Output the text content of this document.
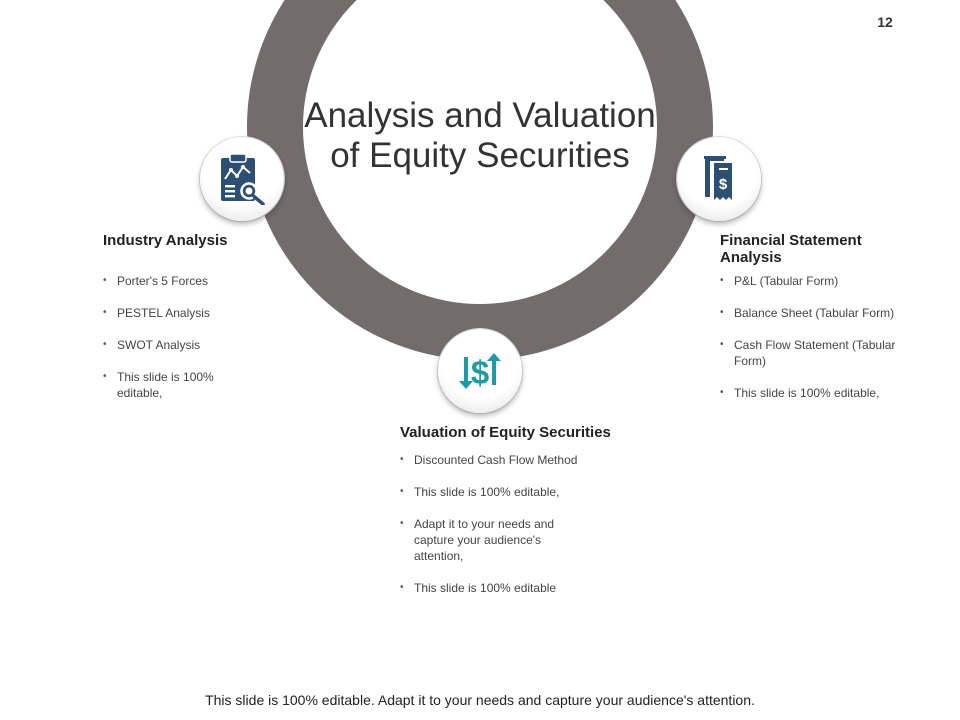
12
Analysis and Valuation of Equity Securities
$
$
Industry Analysis
• Porter's 5 Forces
• PESTEL Analysis
• SWOT Analysis
• This slide is 100% editable,
Financial Statement Analysis
• P&L (Tabular Form)
• Balance Sheet (Tabular Form)
• Cash Flow Statement (Tabular Form)
• This slide is 100% editable,
Valuation of Equity Securities
• Discounted Cash Flow Method
• This slide is 100% editable,
• Adapt it to your needs and capture your audience's attention,
• This slide is 100% editable
This slide is 100% editable. Adapt it to your needs and capture your audience's attention.
